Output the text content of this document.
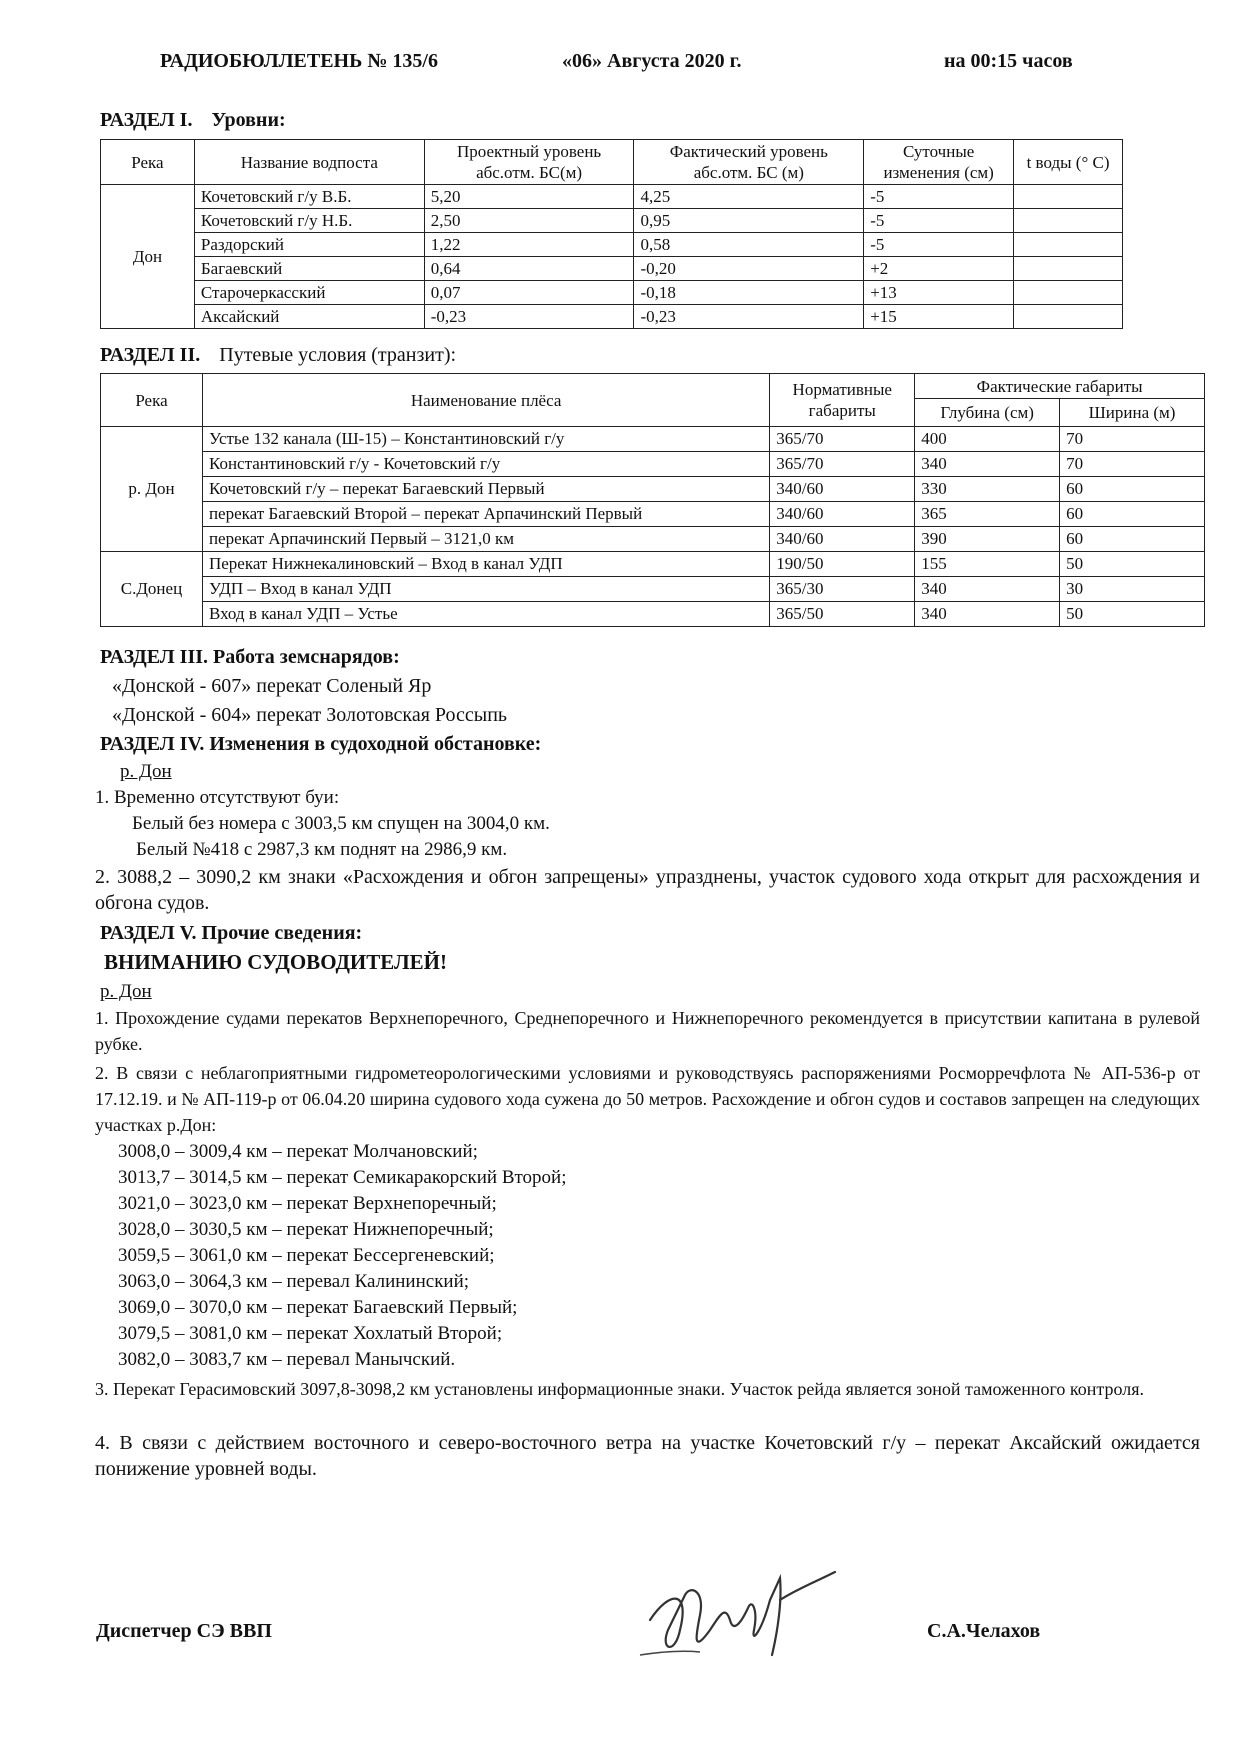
РАДИОБЮЛЛЕТЕНЬ № 135/6	«06» Августа 2020 г.	на 00:15 часов
РАЗДЕЛ I. Уровни:
Река	Название водпоста	Проектный уровень абс.отм. БС(м)	Фактический уровень абс.отм. БС (м)	Суточные изменения (см)	t воды (° С)
Дон	Кочетовский г/у В.Б.	5,20	4,25	-5	
	Кочетовский г/у Н.Б.	2,50	0,95	-5	
	Раздорский	1,22	0,58	-5	
	Багаевский	0,64	-0,20	+2	
	Старочеркасский	0,07	-0,18	+13	
	Аксайский	-0,23	-0,23	+15	
РАЗДЕЛ II. Путевые условия (транзит):
Река	Наименование плёса	Нормативные габариты	Фактические габариты	
			Глубина (см)	Ширина (м)
р. Дон	Устье 132 канала (Ш-15) – Константиновский г/у	365/70	400	70
	Константиновский г/у - Кочетовский г/у	365/70	340	70
	Кочетовский г/у – перекат Багаевский Первый	340/60	330	60
	перекат Багаевский Второй – перекат Арпачинский Первый	340/60	365	60
	перекат Арпачинский Первый – 3121,0 км	340/60	390	60
С.Донец	Перекат Нижнекалиновский – Вход в канал УДП	190/50	155	50
	УДП – Вход в канал УДП	365/30	340	30
	Вход в канал УДП – Устье	365/50	340	50
РАЗДЕЛ III. Работа земснарядов:
«Донской - 607» перекат Соленый Яр
«Донской - 604» перекат Золотовская Россыпь
РАЗДЕЛ IV. Изменения в судоходной обстановке:
р. Дон
1. Временно отсутствуют буи:
Белый без номера с 3003,5 км спущен на 3004,0 км.
Белый №418 с 2987,3 км поднят на 2986,9 км.
2. 3088,2 – 3090,2 км знаки «Расхождения и обгон запрещены» упразднены, участок судового хода открыт для расхождения и обгона судов.
РАЗДЕЛ V. Прочие сведения:
ВНИМАНИЮ СУДОВОДИТЕЛЕЙ!
р. Дон
1. Прохождение судами перекатов Верхнепоречного, Среднепоречного и Нижнепоречного рекомендуется в присутствии капитана в рулевой рубке.
2. В связи с неблагоприятными гидрометеорологическими условиями и руководствуясь распоряжениями Росморречфлота № АП-536-р от 17.12.19. и № АП-119-р от 06.04.20 ширина судового хода сужена до 50 метров. Расхождение и обгон судов и составов запрещен на следующих участках р.Дон:
3008,0 – 3009,4 км – перекат Молчановский;
3013,7 – 3014,5 км – перекат Семикаракорский Второй;
3021,0 – 3023,0 км – перекат Верхнепоречный;
3028,0 – 3030,5 км – перекат Нижнепоречный;
3059,5 – 3061,0 км – перекат Бессергеневский;
3063,0 – 3064,3 км – перевал Калининский;
3069,0 – 3070,0 км – перекат Багаевский Первый;
3079,5 – 3081,0 км – перекат Хохлатый Второй;
3082,0 – 3083,7 км – перевал Манычский.
3. Перекат Герасимовский 3097,8-3098,2 км установлены информационные знаки. Участок рейда является зоной таможенного контроля.
4. В связи с действием восточного и северо-восточного ветра на участке Кочетовский г/у – перекат Аксайский ожидается понижение уровней воды.
Диспетчер СЭ ВВП	С.А.Челахов
